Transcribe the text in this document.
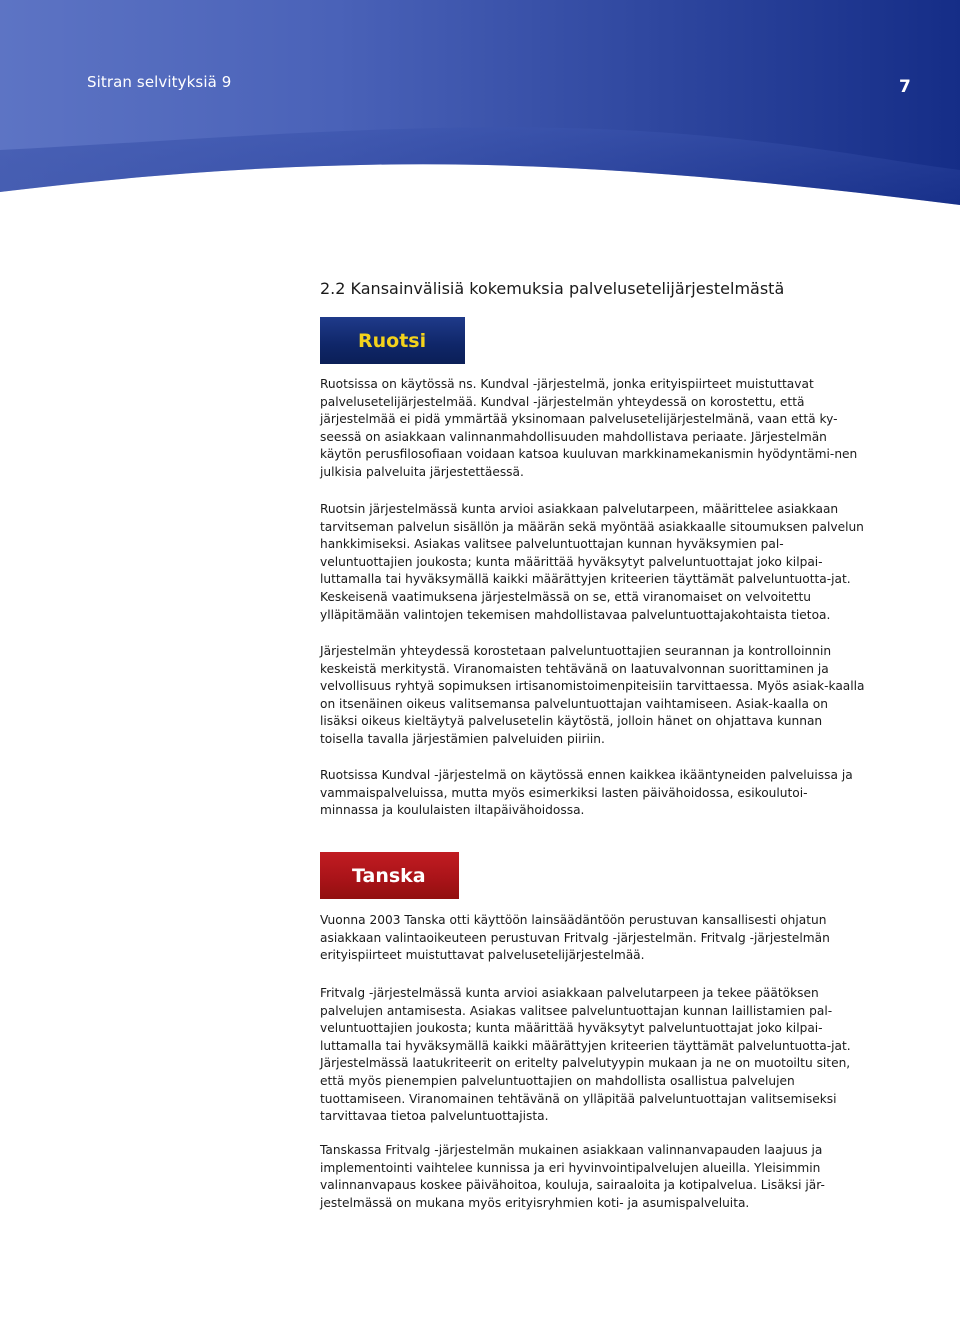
Sitran selvityksiä 9	7
2.2 Kansainvälisiä kokemuksia palvelusetelijärjestelmästä
Ruotsi

Ruotsissa on käytössä ns. Kundval -järjestelmä, jonka erityispiirteet muistuttavat palvelusetelijärjestelmää. Kundval -järjestelmän yhteydessä on korostettu, että järjestelmää ei pidä ymmärtää yksinomaan palvelusetelijärjestelmänä, vaan että ky-seessä on asiakkaan valinnanmahdollisuuden mahdollistava periaate. Järjestelmän käytön perusfilosofiaan voidaan katsoa kuuluvan markkinamekanismin hyödyntämi-nen julkisia palveluita järjestettäessä.

Ruotsin järjestelmässä kunta arvioi asiakkaan palvelutarpeen, määrittelee asiakkaan tarvitseman palvelun sisällön ja määrän sekä myöntää asiakkaalle sitoumuksen palvelun hankkimiseksi. Asiakas valitsee palveluntuottajan kunnan hyväksymien pal-veluntuottajien joukosta; kunta määrittää hyväksytyt palveluntuottajat joko kilpai-luttamalla tai hyväksymällä kaikki määrättyjen kriteerien täyttämät palveluntuotta-jat. Keskeisenä vaatimuksena järjestelmässä on se, että viranomaiset on velvoitettu ylläpitämään valintojen tekemisen mahdollistavaa palveluntuottajakohtaista tietoa.

Järjestelmän yhteydessä korostetaan palveluntuottajien seurannan ja kontrolloinnin keskeistä merkitystä. Viranomaisten tehtävänä on laatuvalvonnan suorittaminen ja velvollisuus ryhtyä sopimuksen irtisanomistoimenpiteisiin tarvittaessa. Myös asiak-kaalla on itsenäinen oikeus valitsemansa palveluntuottajan vaihtamiseen. Asiak-kaalla on lisäksi oikeus kieltäytyä palvelusetelin käytöstä, jolloin hänet on ohjattava kunnan toisella tavalla järjestämien palveluiden piiriin.

Ruotsissa Kundval -järjestelmä on käytössä ennen kaikkea ikääntyneiden palveluissa ja vammaispalveluissa, mutta myös esimerkiksi lasten päivähoidossa, esikoulutoi-minnassa ja koululaisten iltapäivähoidossa.

Tanska

Vuonna 2003 Tanska otti käyttöön lainsäädäntöön perustuvan kansallisesti ohjatun asiakkaan valintaoikeuteen perustuvan Fritvalg -järjestelmän. Fritvalg -järjestelmän erityispiirteet muistuttavat palvelusetelijärjestelmää.

Fritvalg -järjestelmässä kunta arvioi asiakkaan palvelutarpeen ja tekee päätöksen palvelujen antamisesta. Asiakas valitsee palveluntuottajan kunnan laillistamien pal-veluntuottajien joukosta; kunta määrittää hyväksytyt palveluntuottajat joko kilpai-luttamalla tai hyväksymällä kaikki määrättyjen kriteerien täyttämät palveluntuotta-jat. Järjestelmässä laatukriteerit on eritelty palvelutyypin mukaan ja ne on muotoiltu siten, että myös pienempien palveluntuottajien on mahdollista osallistua palvelujen tuottamiseen. Viranomainen tehtävänä on ylläpitää palveluntuottajan valitsemiseksi tarvittavaa tietoa palveluntuottajista.

Tanskassa Fritvalg -järjestelmän mukainen asiakkaan valinnanvapauden laajuus ja implementointi vaihtelee kunnissa ja eri hyvinvointipalvelujen alueilla. Yleisimmin valinnanvapaus koskee päivähoitoa, kouluja, sairaaloita ja kotipalvelua. Lisäksi jär-jestelmässä on mukana myös erityisryhmien koti- ja asumispalveluita.
